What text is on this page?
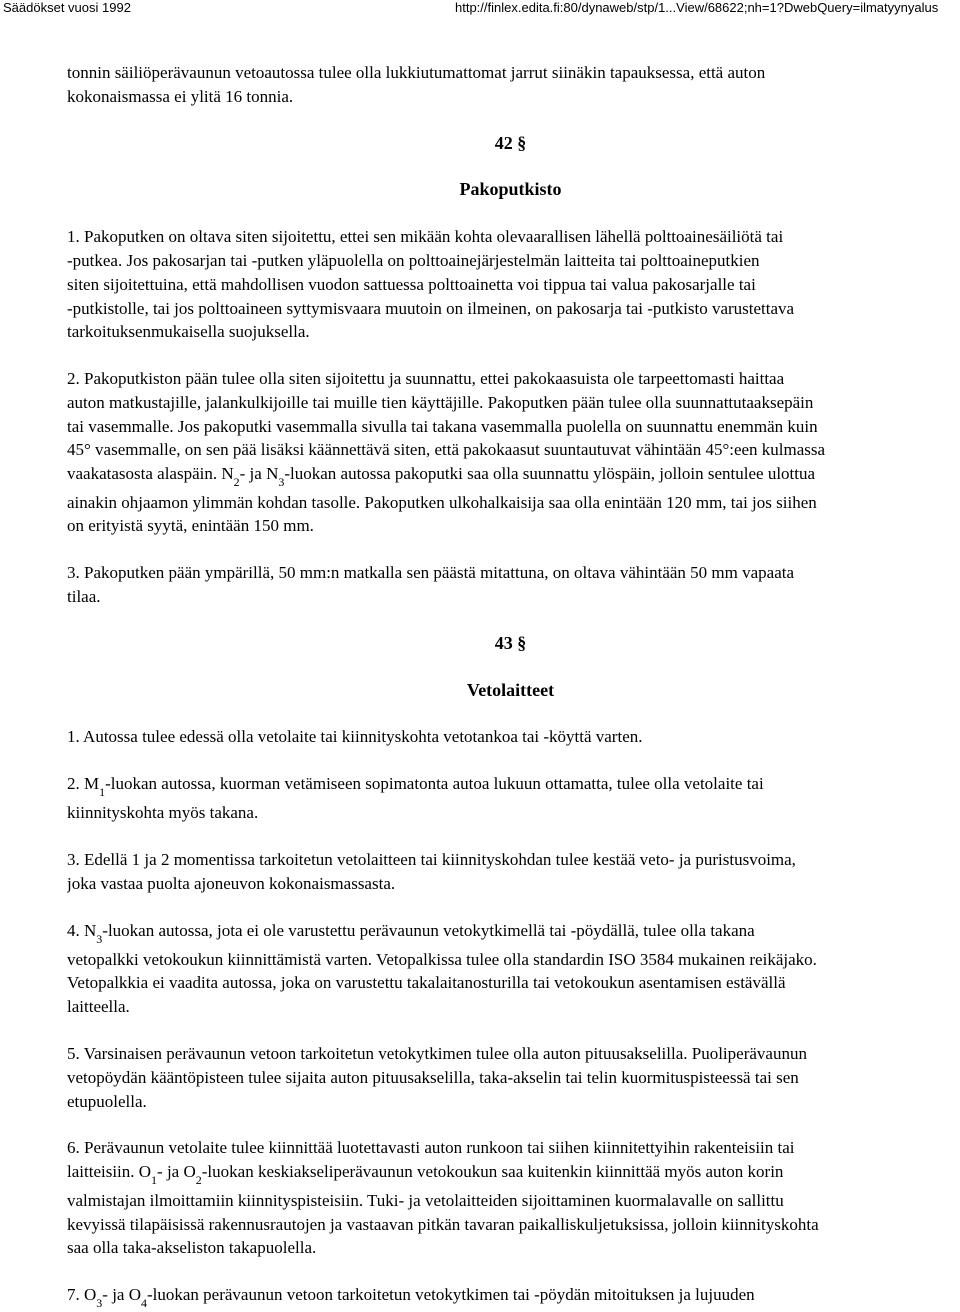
Säädökset vuosi 1992	http://finlex.edita.fi:80/dynaweb/stp/1...View/68622;nh=1?DwebQuery=ilmatyynyalus
tonnin säiliöperävaunun vetoautossa tulee olla lukkiutumattomat jarrut siinäkin tapauksessa, että auton
kokonaismassa ei ylitä 16 tonnia.
42 §
Pakoputkisto
1. Pakoputken on oltava siten sijoitettu, ettei sen mikään kohta olevaarallisen lähellä polttoainesäiliötä tai
-putkea. Jos pakosarjan tai -putken yläpuolella on polttoainejärjestelmän laitteita tai polttoaineputkien
siten sijoitettuina, että mahdollisen vuodon sattuessa polttoainetta voi tippua tai valua pakosarjalle tai
-putkistolle, tai jos polttoaineen syttymisvaara muutoin on ilmeinen, on pakosarja tai -putkisto varustettava
tarkoituksenmukaisella suojuksella.
2. Pakoputkiston pään tulee olla siten sijoitettu ja suunnattu, ettei pakokaasuista ole tarpeettomasti haittaa
auton matkustajille, jalankulkijoille tai muille tien käyttäjille. Pakoputken pään tulee olla suunnattutaaksepäin
tai vasemmalle. Jos pakoputki vasemmalla sivulla tai takana vasemmalla puolella on suunnattu enemmän kuin
45° vasemmalle, on sen pää lisäksi käännettävä siten, että pakokaasut suuntautuvat vähintään 45°:een kulmassa
vaakatasosta alaspäin. $N_2-$ ja $N_3$-luokan autossa pakoputki saa olla suunnattu ylöspäin, jolloin sentulee ulottua
ainakin ohjaamon ylimmän kohdan tasolle. Pakoputken ulkohalkaisija saa olla enintään 120 mm, tai jos siihen
on erityistä syytä, enintään 150 mm.
3. Pakoputken pään ympärillä, 50 mm:n matkalla sen päästä mitattuna, on oltava vähintään 50 mm vapaata
tilaa.
43 §
Vetolaitteet
1. Autossa tulee edessä olla vetolaite tai kiinnityskohta vetotankoa tai -köyttä varten.
2. $M_1$-luokan autossa, kuorman vetämiseen sopimatonta autoa lukuun ottamatta, tulee olla vetolaite tai
kiinnityskohta myös takana.
3. Edellä 1 ja 2 momentissa tarkoitetun vetolaitteen tai kiinnityskohdan tulee kestää veto- ja puristusvoima,
joka vastaa puolta ajoneuvon kokonaismassasta.
4. $N_3$-luokan autossa, jota ei ole varustettu perävaunun vetokytkimellä tai -pöydällä, tulee olla takana
vetopalkki vetokoukun kiinnittämistä varten. Vetopalkissa tulee olla standardin ISO 3584 mukainen reikäjako.
Vetopalkkia ei vaadita autossa, joka on varustettu takalaitanosturilla tai vetokoukun asentamisen estävällä
laitteella.
5. Varsinaisen perävaunun vetoon tarkoitetun vetokytkimen tulee olla auton pituusakselilla. Puoliperävaunun
vetopöydän kääntöpisteen tulee sijaita auton pituusakselilla, taka-akselin tai telin kuormituspisteessä tai sen
etupuolella.
6. Perävaunun vetolaite tulee kiinnittää luotettavasti auton runkoon tai siihen kiinnitettyihin rakenteisiin tai
laitteisiin. $O_1-$ ja $O_2$-luokan keskiakseliperävaunun vetokoukun saa kuitenkin kiinnittää myös auton korin
valmistajan ilmoittamiin kiinnityspisteisiin. Tuki- ja vetolaitteiden sijoittaminen kuormalavalle on sallittu
kevyissä tilapäisissä rakennusrautojen ja vastaavan pitkän tavaran paikalliskuljetuksissa, jolloin kiinnityskohta
saa olla taka-akseliston takapuolella.
7. $O_3-$ ja $O_4$-luokan perävaunun vetoon tarkoitetun vetokytkimen tai -pöydän mitoituksen ja lujuuden
